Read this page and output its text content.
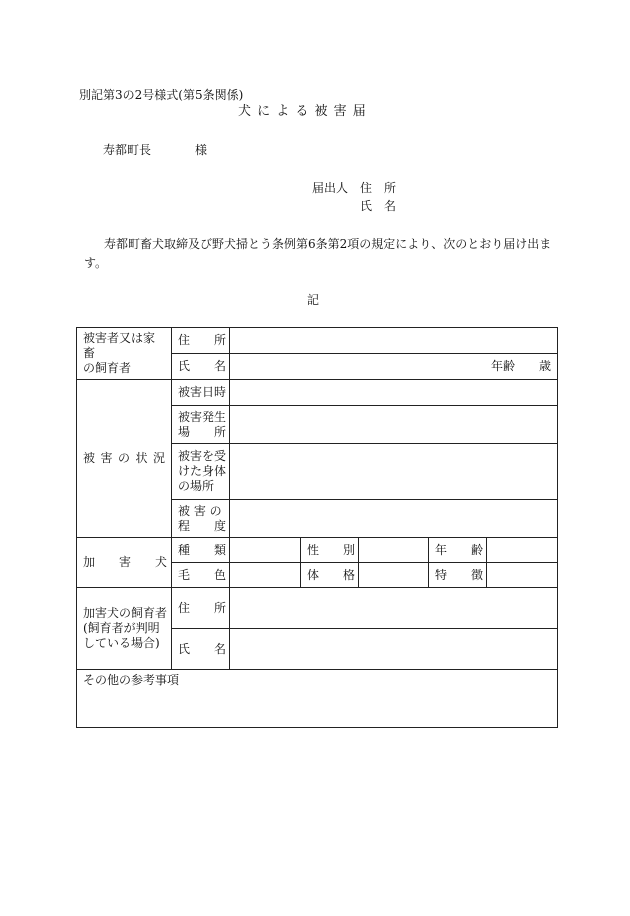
別記第3の2号様式(第5条関係)
犬 に よ る 被 害 届
寿都町長	様
届出人 住　所
氏　名
寿都町畜犬取締及び野犬掃とう条例第6条第2項の規定により、次のとおり届け出ま
す。
記
被害者又は家畜
の飼育者	住　　所					
	氏　　名	年齢　　歳				
被 害 の 状 況	被害日時					

	被害発生
場　　所					

	被害を受
けた身体
の場所					

	被 害 の
程　　度					

加　　害　　犬	種　　類		性　　別		年　　齢	
	毛　　色		体　　格		特　　徴	

加害犬の飼育者
(飼育者が判明
している場合)	住　　所					
	氏　　名					
その他の参考事項						
